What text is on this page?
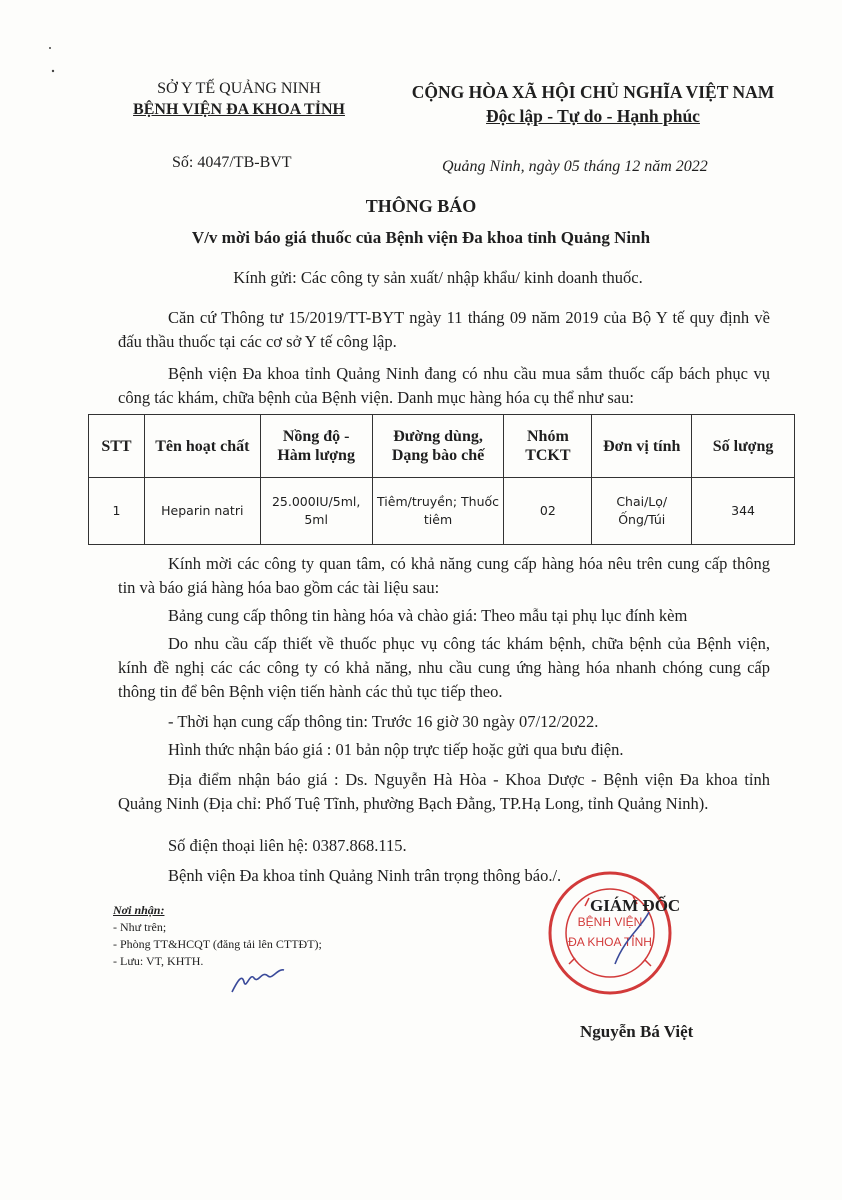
SỞ Y TẾ QUẢNG NINH
BỆNH VIỆN ĐA KHOA TỈNH
CỘNG HÒA XÃ HỘI CHỦ NGHĨA VIỆT NAM
Độc lập - Tự do - Hạnh phúc
Số: 4047/TB-BVT	Quảng Ninh, ngày 05 tháng 12 năm 2022
THÔNG BÁO
V/v mời báo giá thuốc của Bệnh viện Đa khoa tỉnh Quảng Ninh
Kính gửi: Các công ty sản xuất/ nhập khẩu/ kinh doanh thuốc.
Căn cứ Thông tư 15/2019/TT-BYT ngày 11 tháng 09 năm 2019 của Bộ Y tế quy định về đấu thầu thuốc tại các cơ sở Y tế công lập.
Bệnh viện Đa khoa tỉnh Quảng Ninh đang có nhu cầu mua sắm thuốc cấp bách phục vụ công tác khám, chữa bệnh của Bệnh viện. Danh mục hàng hóa cụ thể như sau:
STT	Tên hoạt chất	Nồng độ - Hàm lượng	Đường dùng, Dạng bào chế	Nhóm TCKT	Đơn vị tính	Số lượng
1	Heparin natri	25.000IU/5ml, 5ml	Tiêm/truyền; Thuốc tiêm	02	Chai/Lọ/ Ống/Túi	344
Kính mời các công ty quan tâm, có khả năng cung cấp hàng hóa nêu trên cung cấp thông tin và báo giá hàng hóa bao gồm các tài liệu sau:
Bảng cung cấp thông tin hàng hóa và chào giá: Theo mẫu tại phụ lục đính kèm
Do nhu cầu cấp thiết về thuốc phục vụ công tác khám bệnh, chữa bệnh của Bệnh viện, kính đề nghị các các công ty có khả năng, nhu cầu cung ứng hàng hóa nhanh chóng cung cấp thông tin để bên Bệnh viện tiến hành các thủ tục tiếp theo.
- Thời hạn cung cấp thông tin: Trước 16 giờ 30 ngày 07/12/2022.
Hình thức nhận báo giá : 01 bản nộp trực tiếp hoặc gửi qua bưu điện.
Địa điểm nhận báo giá : Ds. Nguyễn Hà Hòa - Khoa Dược - Bệnh viện Đa khoa tỉnh Quảng Ninh (Địa chỉ: Phố Tuệ Tĩnh, phường Bạch Đằng, TP.Hạ Long, tỉnh Quảng Ninh).
Số điện thoại liên hệ: 0387.868.115.
Bệnh viện Đa khoa tỉnh Quảng Ninh trân trọng thông báo./.
Nơi nhận:
- Như trên;
- Phòng TT&HCQT (đăng tải lên CTTĐT);
- Lưu: VT, KHTH.
BỆNH VIỆN
ĐA KHOA TỈNH
GIÁM ĐỐC
Nguyễn Bá Việt
